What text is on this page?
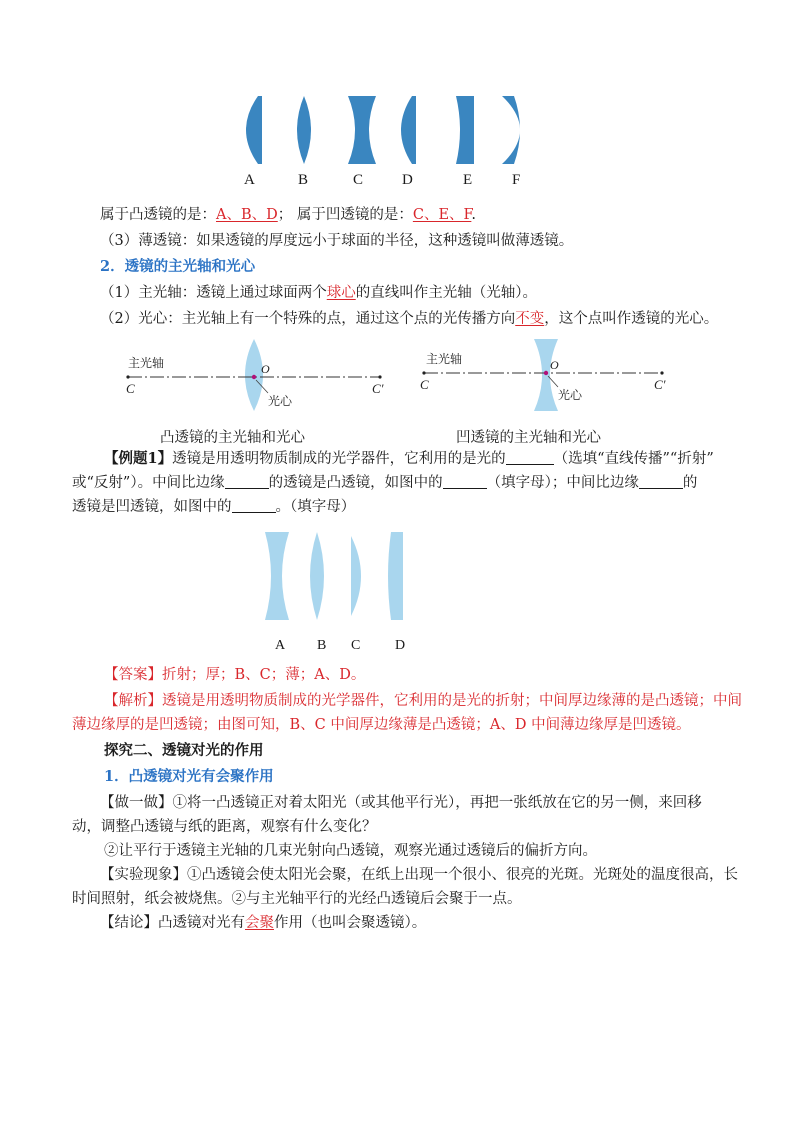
A	B	C	D	E	F
属于凸透镜的是：A、B、D； 属于凹透镜的是：C、E、F.
（3）薄透镜：如果透镜的厚度远小于球面的半径，这种透镜叫做薄透镜。
2．透镜的主光轴和光心
（1）主光轴：透镜上通过球面两个球心的直线叫作主光轴（光轴）。
（2）光心：主光轴上有一个特殊的点，通过这个点的光传播方向不变，这个点叫作透镜的光心。
主光轴
C	C′
O
光心
主光轴
C	C′
O
光心
凸透镜的主光轴和光心	凹透镜的主光轴和光心
【例题1】透镜是用透明物质制成的光学器件，它利用的是光的	（选填“直线传播”“折射”
或“反射”）。中间比边缘	的透镜是凸透镜，如图中的	（填字母）；中间比边缘	的
透镜是凹透镜，如图中的	。（填字母）
A B C D
【答案】折射；厚；B、C；薄；A、D。
【解析】透镜是用透明物质制成的光学器件，它利用的是光的折射；中间厚边缘薄的是凸透镜；中间
薄边缘厚的是凹透镜；由图可知，B、C 中间厚边缘薄是凸透镜；A、D 中间薄边缘厚是凹透镜。
探究二、透镜对光的作用
1．凸透镜对光有会聚作用
【做一做】①将一凸透镜正对着太阳光（或其他平行光），再把一张纸放在它的另一侧，来回移
动，调整凸透镜与纸的距离，观察有什么变化？
②让平行于透镜主光轴的几束光射向凸透镜，观察光通过透镜后的偏折方向。
【实验现象】①凸透镜会使太阳光会聚，在纸上出现一个很小、很亮的光斑。光斑处的温度很高，长
时间照射，纸会被烧焦。②与主光轴平行的光经凸透镜后会聚于一点。
【结论】凸透镜对光有会聚作用（也叫会聚透镜）。
